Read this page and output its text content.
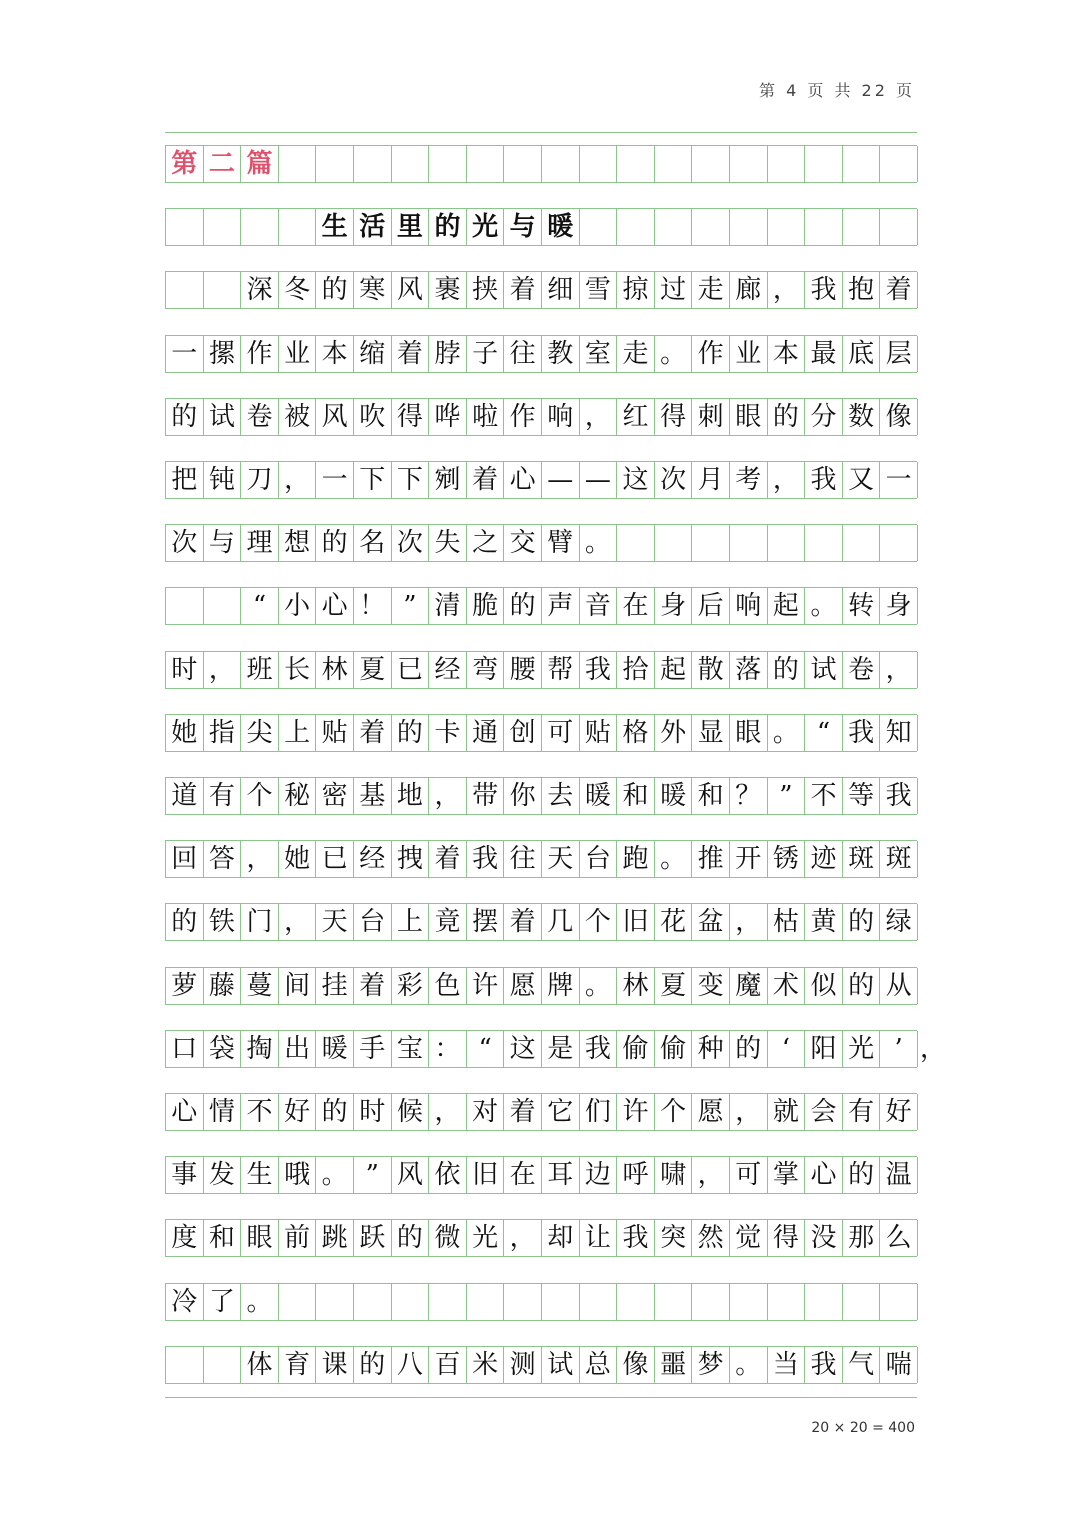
第 4 页 共 22 页
第 二 篇
生 活 里 的 光 与 暖
深 冬 的 寒 风 裹 挟 着 细 雪 掠 过 走 廊 ， 我 抱 着
一 摞 作 业 本 缩 着 脖 子 往 教 室 走 。 作 业 本 最 底 层
的 试 卷 被 风 吹 得 哗 啦 作 响 ， 红 得 刺 眼 的 分 数 像
把 钝 刀 ， 一 下 下 剜 着 心 — — 这 次 月 考 ， 我 又 一
次 与 理 想 的 名 次 失 之 交 臂 。
“ 小 心 ！ ” 清 脆 的 声 音 在 身 后 响 起 。 转 身
时 ， 班 长 林 夏 已 经 弯 腰 帮 我 拾 起 散 落 的 试 卷 ，
她 指 尖 上 贴 着 的 卡 通 创 可 贴 格 外 显 眼 。 “ 我 知
道 有 个 秘 密 基 地 ， 带 你 去 暖 和 暖 和 ？ ” 不 等 我
回 答 ， 她 已 经 拽 着 我 往 天 台 跑 。 推 开 锈 迹 斑 斑
的 铁 门 ， 天 台 上 竟 摆 着 几 个 旧 花 盆 ， 枯 黄 的 绿
萝 藤 蔓 间 挂 着 彩 色 许 愿 牌 。 林 夏 变 魔 术 似 的 从
口 袋 掏 出 暖 手 宝 ： “ 这 是 我 偷 偷 种 的 ‘ 阳 光 ’ ，
心 情 不 好 的 时 候 ， 对 着 它 们 许 个 愿 ， 就 会 有 好
事 发 生 哦 。 ” 风 依 旧 在 耳 边 呼 啸 ， 可 掌 心 的 温
度 和 眼 前 跳 跃 的 微 光 ， 却 让 我 突 然 觉 得 没 那 么
冷 了 。
体 育 课 的 八 百 米 测 试 总 像 噩 梦 。 当 我 气 喘
20 × 20 = 400
